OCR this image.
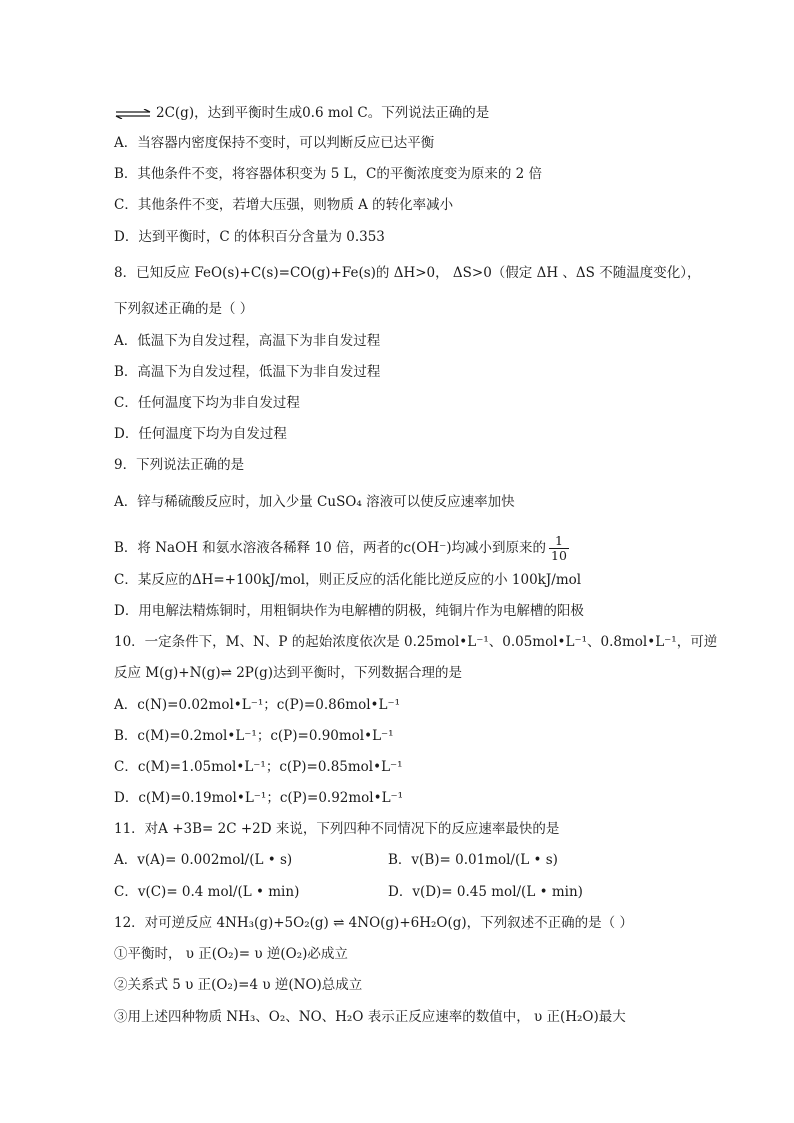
⇌ 2C(g)，达到平衡时生成0.6 mol C。下列说法正确的是
A．当容器内密度保持不变时，可以判断反应已达平衡
B．其他条件不变，将容器体积变为 5 L，C的平衡浓度变为原来的 2 倍
C．其他条件不变，若增大压强，则物质 A 的转化率减小
D．达到平衡时，C 的体积百分含量为 0.353
8．已知反应 FeO(s)+C(s)=CO(g)+Fe(s)的 ΔH>0， ΔS>0（假定 ΔH 、ΔS 不随温度变化），
下列叙述正确的是（ ）
A．低温下为自发过程，高温下为非自发过程
B．高温下为自发过程，低温下为非自发过程
C．任何温度下均为非自发过程
D．任何温度下均为自发过程
9．下列说法正确的是
A．锌与稀硫酸反应时，加入少量 CuSO₄ 溶液可以使反应速率加快
B．将 NaOH 和氨水溶液各稀释 10 倍，两者的c(OH⁻)均减小到原来的 $\frac{1}{10}$
C．某反应的ΔH=+100kJ/mol，则正反应的活化能比逆反应的小 100kJ/mol
D．用电解法精炼铜时，用粗铜块作为电解槽的阴极，纯铜片作为电解槽的阳极
10．一定条件下，M、N、P 的起始浓度依次是 0.25mol•L⁻¹、0.05mol•L⁻¹、0.8mol•L⁻¹，可逆
反应 M(g)+N(g)⇌ 2P(g)达到平衡时，下列数据合理的是
A．c(N)=0.02mol•L⁻¹；c(P)=0.86mol•L⁻¹
B．c(M)=0.2mol•L⁻¹；c(P)=0.90mol•L⁻¹
C．c(M)=1.05mol•L⁻¹；c(P)=0.85mol•L⁻¹
D．c(M)=0.19mol•L⁻¹；c(P)=0.92mol•L⁻¹
11．对A +3B= 2C +2D 来说，下列四种不同情况下的反应速率最快的是
A．v(A)= 0.002mol/(L • s)	B．v(B)= 0.01mol/(L • s)
C．v(C)= 0.4 mol/(L • min)	D．v(D)= 0.45 mol/(L • min)
12．对可逆反应 4NH₃(g)+5O₂(g) ⇌ 4NO(g)+6H₂O(g)，下列叙述不正确的是（ ）
①平衡时， υ 正(O₂)= υ 逆(O₂)必成立
②关系式 5 υ 正(O₂)=4 υ 逆(NO)总成立
③用上述四种物质 NH₃、O₂、NO、H₂O 表示正反应速率的数值中， υ 正(H₂O)最大
